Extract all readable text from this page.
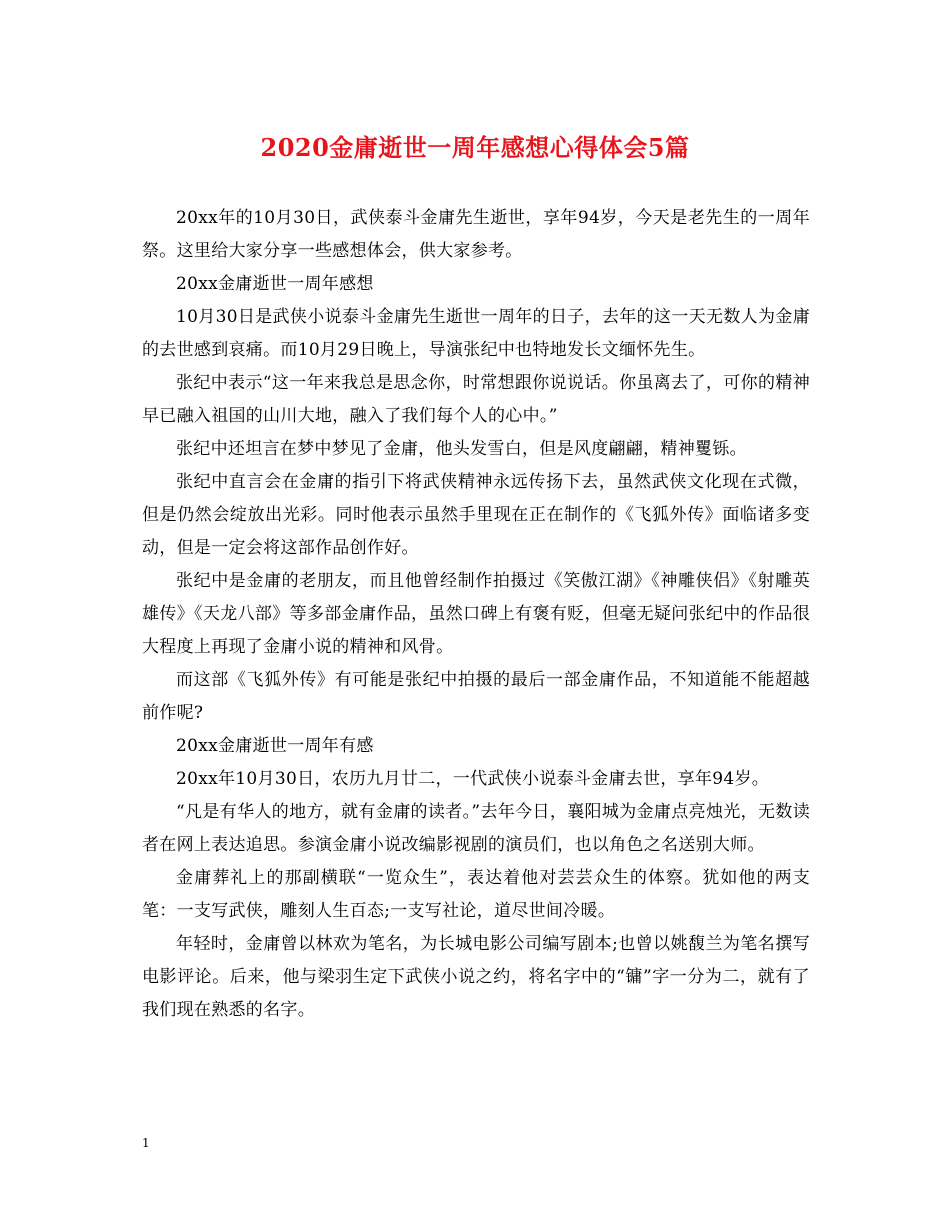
2020金庸逝世一周年感想心得体会5篇

20xx年的10月30日，武侠泰斗金庸先生逝世，享年94岁，今天是老先生的一周年祭。这里给大家分享一些感想体会，供大家参考。

20xx金庸逝世一周年感想

10月30日是武侠小说泰斗金庸先生逝世一周年的日子，去年的这一天无数人为金庸的去世感到哀痛。而10月29日晚上，导演张纪中也特地发长文缅怀先生。

张纪中表示“这一年来我总是思念你，时常想跟你说说话。你虽离去了，可你的精神早已融入祖国的山川大地，融入了我们每个人的心中。”

张纪中还坦言在梦中梦见了金庸，他头发雪白，但是风度翩翩，精神矍铄。

张纪中直言会在金庸的指引下将武侠精神永远传扬下去，虽然武侠文化现在式微，但是仍然会绽放出光彩。同时他表示虽然手里现在正在制作的《飞狐外传》面临诸多变动，但是一定会将这部作品创作好。

张纪中是金庸的老朋友，而且他曾经制作拍摄过《笑傲江湖》《神雕侠侣》《射雕英雄传》《天龙八部》等多部金庸作品，虽然口碑上有褒有贬，但毫无疑问张纪中的作品很大程度上再现了金庸小说的精神和风骨。

而这部《飞狐外传》有可能是张纪中拍摄的最后一部金庸作品，不知道能不能超越前作呢?

20xx金庸逝世一周年有感

20xx年10月30日，农历九月廿二，一代武侠小说泰斗金庸去世，享年94岁。

“凡是有华人的地方，就有金庸的读者。”去年今日，襄阳城为金庸点亮烛光，无数读者在网上表达追思。参演金庸小说改编影视剧的演员们，也以角色之名送别大师。

金庸葬礼上的那副横联“一览众生”，表达着他对芸芸众生的体察。犹如他的两支笔：一支写武侠，雕刻人生百态;一支写社论，道尽世间冷暖。

年轻时，金庸曾以林欢为笔名，为长城电影公司编写剧本;也曾以姚馥兰为笔名撰写电影评论。后来，他与梁羽生定下武侠小说之约，将名字中的“镛”字一分为二，就有了我们现在熟悉的名字。

1
